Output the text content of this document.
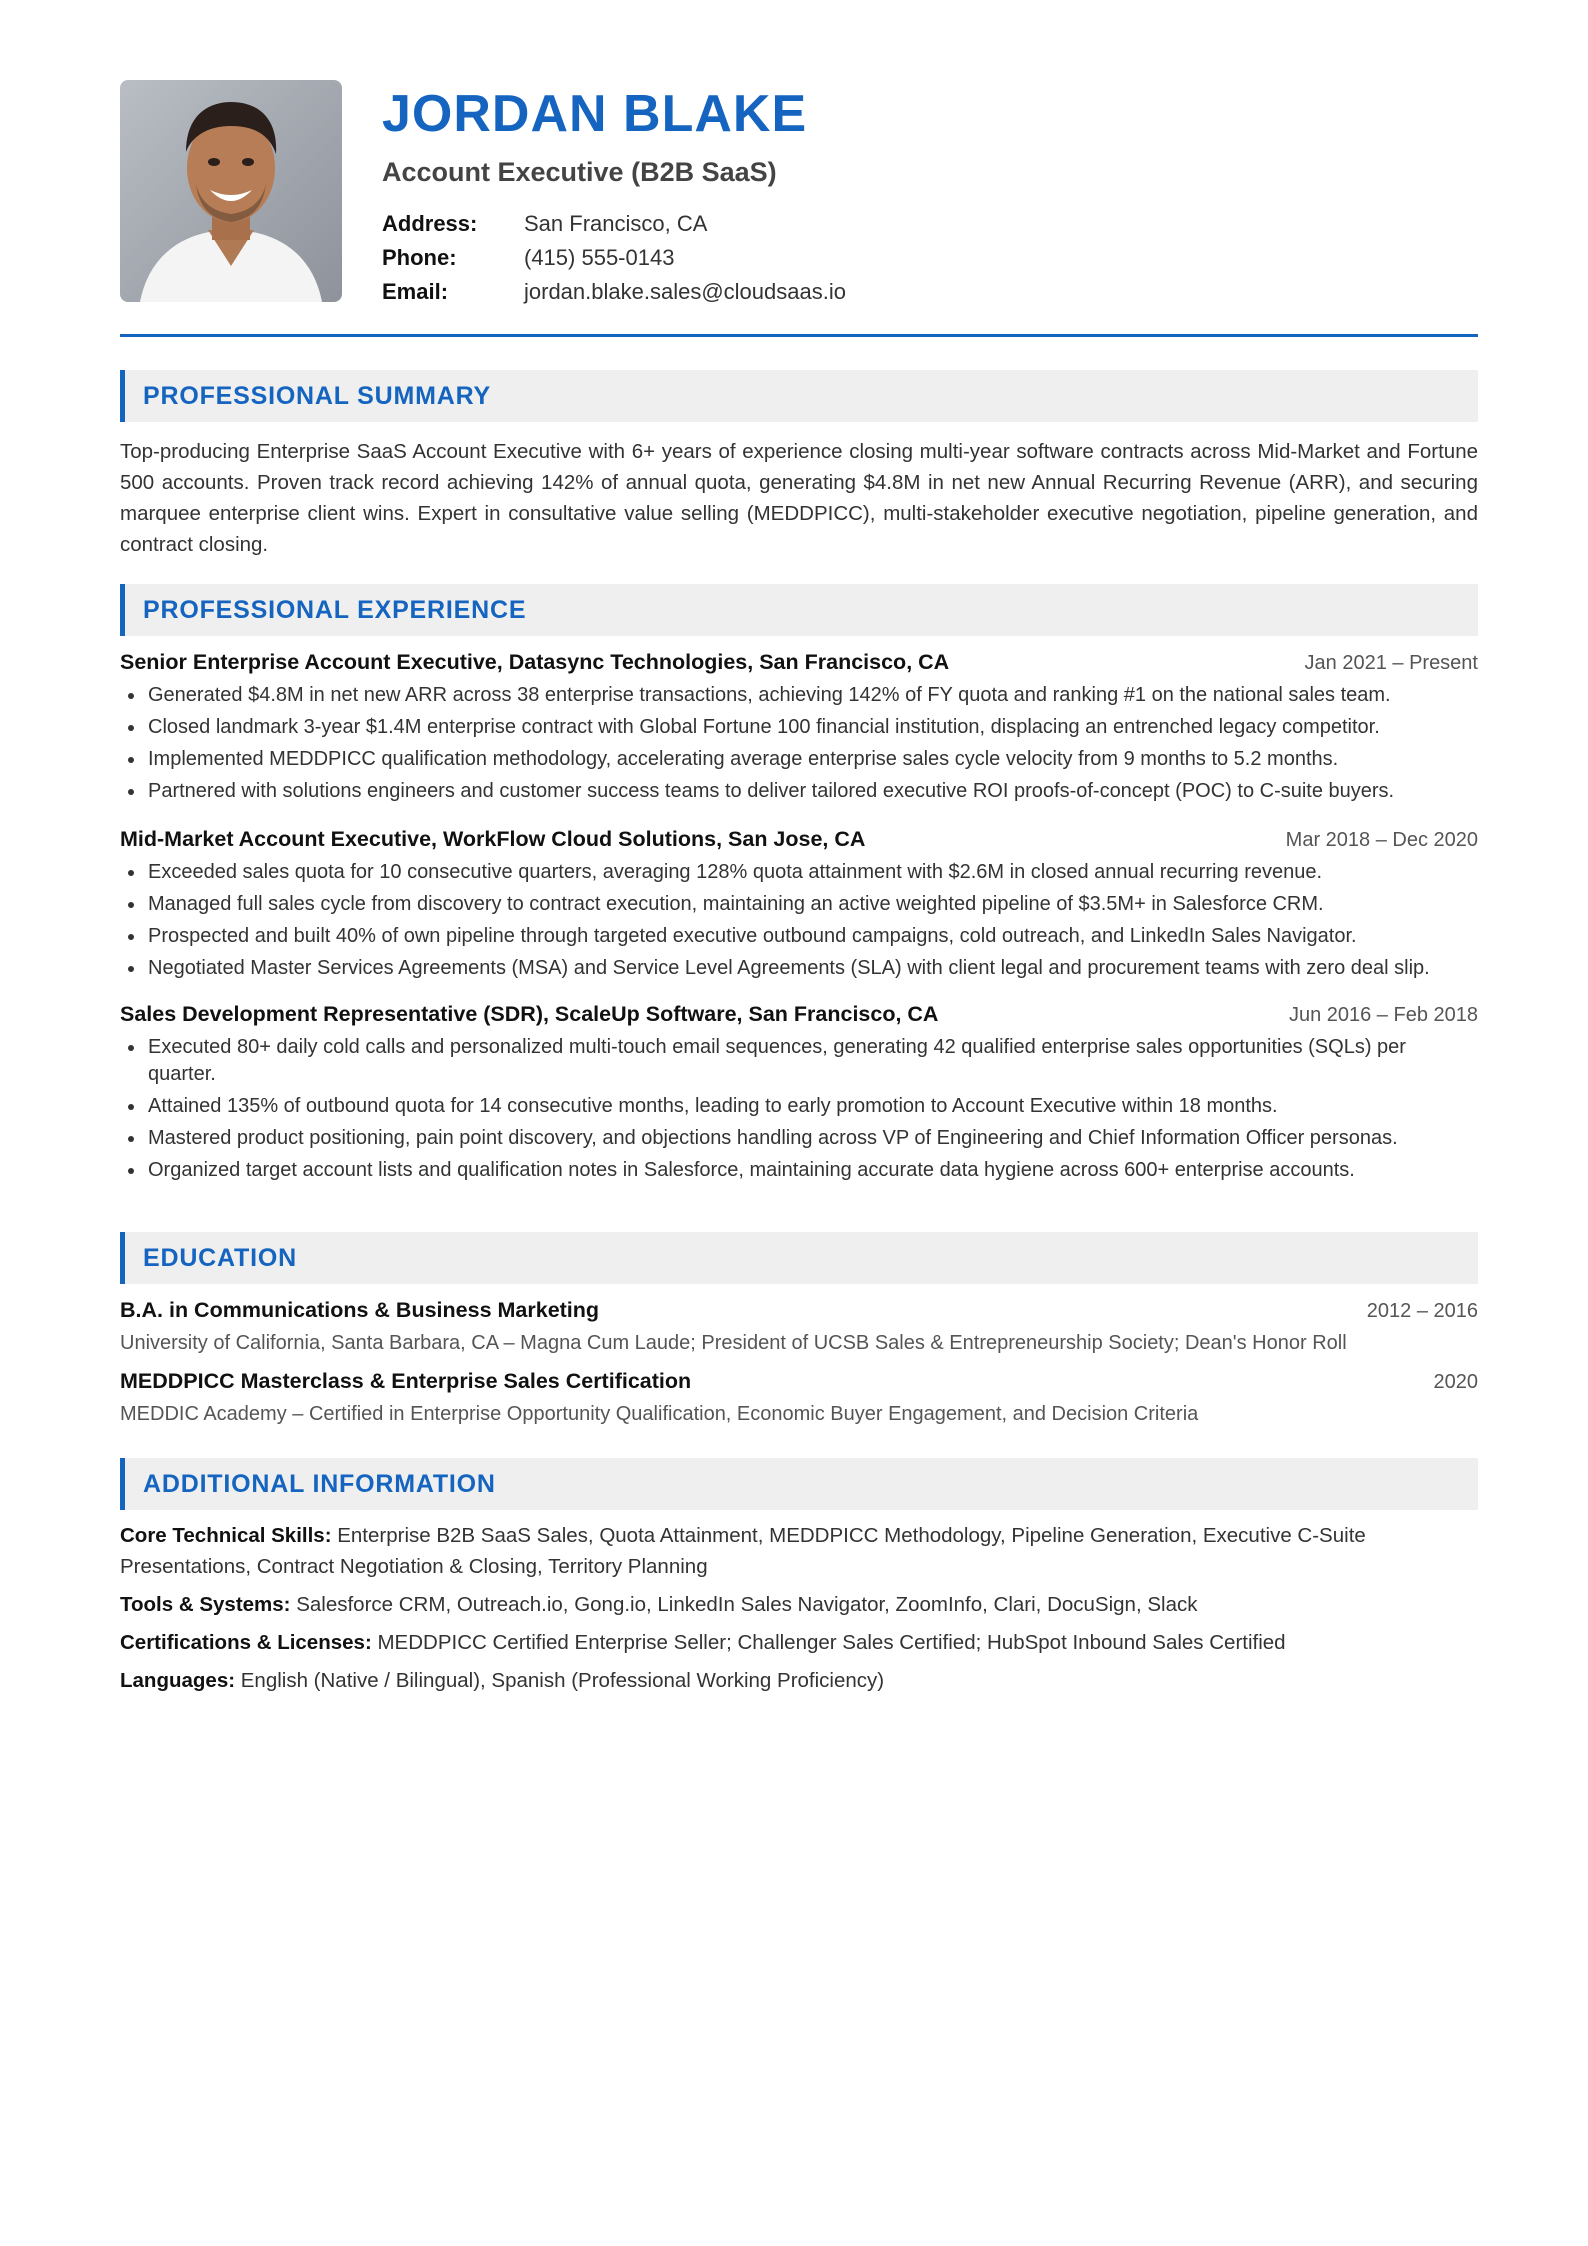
JORDAN BLAKE
Account Executive (B2B SaaS)
Address:	San Francisco, CA
Phone:	(415) 555-0143
Email:	jordan.blake.sales@cloudsaas.io
PROFESSIONAL SUMMARY

Top-producing Enterprise SaaS Account Executive with 6+ years of experience closing multi-year software contracts across Mid-Market and Fortune 500 accounts. Proven track record achieving 142% of annual quota, generating $4.8M in net new Annual Recurring Revenue (ARR), and securing marquee enterprise client wins. Expert in consultative value selling (MEDDPICC), multi-stakeholder executive negotiation, pipeline generation, and contract closing.

PROFESSIONAL EXPERIENCE
Senior Enterprise Account Executive, Datasync Technologies, San Francisco, CA	Jan 2021 – Present
Generated $4.8M in net new ARR across 38 enterprise transactions, achieving 142% of FY quota and ranking #1 on the national sales team.
Closed landmark 3-year $1.4M enterprise contract with Global Fortune 100 financial institution, displacing an entrenched legacy competitor.
Implemented MEDDPICC qualification methodology, accelerating average enterprise sales cycle velocity from 9 months to 5.2 months.
Partnered with solutions engineers and customer success teams to deliver tailored executive ROI proofs-of-concept (POC) to C-suite buyers.
Mid-Market Account Executive, WorkFlow Cloud Solutions, San Jose, CA	Mar 2018 – Dec 2020
Exceeded sales quota for 10 consecutive quarters, averaging 128% quota attainment with $2.6M in closed annual recurring revenue.
Managed full sales cycle from discovery to contract execution, maintaining an active weighted pipeline of $3.5M+ in Salesforce CRM.
Prospected and built 40% of own pipeline through targeted executive outbound campaigns, cold outreach, and LinkedIn Sales Navigator.
Negotiated Master Services Agreements (MSA) and Service Level Agreements (SLA) with client legal and procurement teams with zero deal slip.
Sales Development Representative (SDR), ScaleUp Software, San Francisco, CA	Jun 2016 – Feb 2018
Executed 80+ daily cold calls and personalized multi-touch email sequences, generating 42 qualified enterprise sales opportunities (SQLs) per quarter.
Attained 135% of outbound quota for 14 consecutive months, leading to early promotion to Account Executive within 18 months.
Mastered product positioning, pain point discovery, and objections handling across VP of Engineering and Chief Information Officer personas.
Organized target account lists and qualification notes in Salesforce, maintaining accurate data hygiene across 600+ enterprise accounts.
EDUCATION
B.A. in Communications & Business Marketing	2012 – 2016
University of California, Santa Barbara, CA – Magna Cum Laude; President of UCSB Sales & Entrepreneurship Society; Dean's Honor Roll
MEDDPICC Masterclass & Enterprise Sales Certification	2020
MEDDIC Academy – Certified in Enterprise Opportunity Qualification, Economic Buyer Engagement, and Decision Criteria
ADDITIONAL INFORMATION
Core Technical Skills: Enterprise B2B SaaS Sales, Quota Attainment, MEDDPICC Methodology, Pipeline Generation, Executive C-Suite Presentations, Contract Negotiation & Closing, Territory Planning
Tools & Systems: Salesforce CRM, Outreach.io, Gong.io, LinkedIn Sales Navigator, ZoomInfo, Clari, DocuSign, Slack
Certifications & Licenses: MEDDPICC Certified Enterprise Seller; Challenger Sales Certified; HubSpot Inbound Sales Certified
Languages: English (Native / Bilingual), Spanish (Professional Working Proficiency)
